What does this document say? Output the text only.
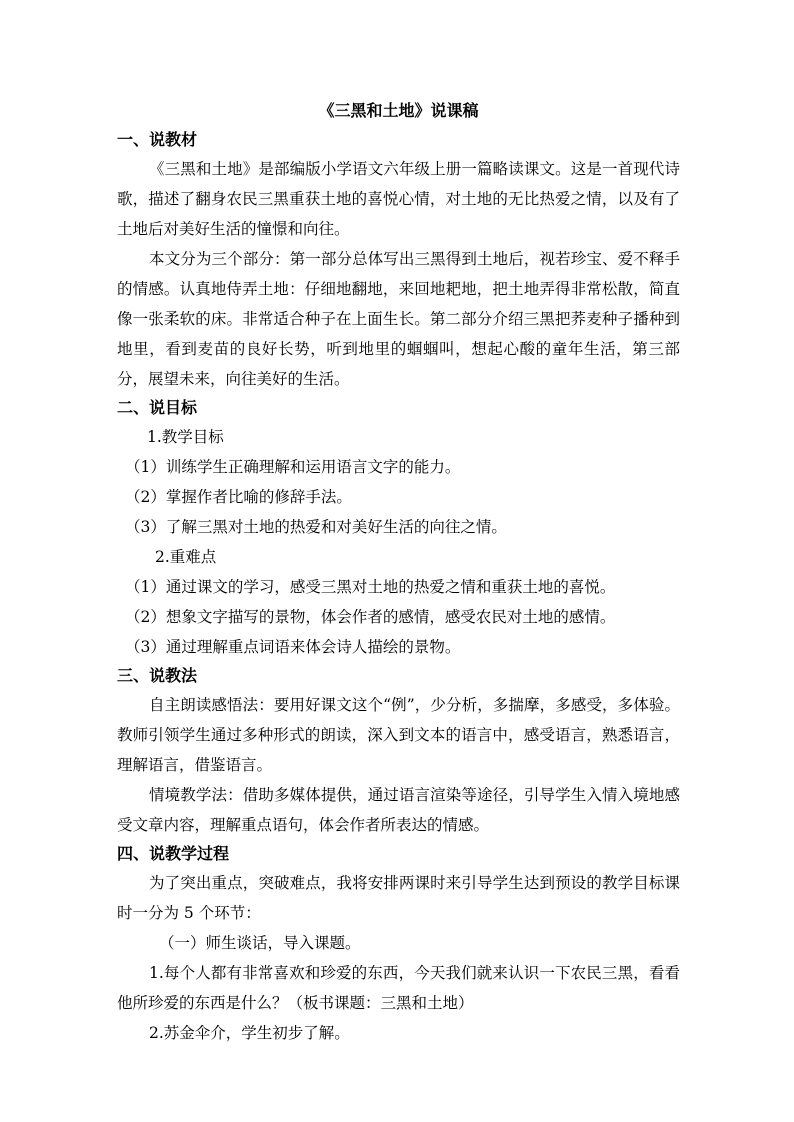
《三黑和土地》说课稿

一、说教材

《三黑和土地》是部编版小学语文六年级上册一篇略读课文。这是一首现代诗歌，描述了翻身农民三黑重获土地的喜悦心情，对土地的无比热爱之情，以及有了土地后对美好生活的憧憬和向往。

本文分为三个部分：第一部分总体写出三黑得到土地后，视若珍宝、爱不释手的情感。认真地侍弄土地：仔细地翻地，来回地耙地，把土地弄得非常松散，简直像一张柔软的床。非常适合种子在上面生长。第二部分介绍三黑把荞麦种子播种到地里，看到麦苗的良好长势，听到地里的蝈蝈叫，想起心酸的童年生活，第三部分，展望未来，向往美好的生活。

二、说目标

1.教学目标

（1）训练学生正确理解和运用语言文字的能力。

（2）掌握作者比喻的修辞手法。

（3）了解三黑对土地的热爱和对美好生活的向往之情。

2.重难点

（1）通过课文的学习，感受三黑对土地的热爱之情和重获土地的喜悦。

（2）想象文字描写的景物，体会作者的感情，感受农民对土地的感情。

（3）通过理解重点词语来体会诗人描绘的景物。

三、说教法

自主朗读感悟法：要用好课文这个“例”，少分析，多揣摩，多感受，多体验。教师引领学生通过多种形式的朗读，深入到文本的语言中，感受语言，熟悉语言，理解语言，借鉴语言。

情境教学法：借助多媒体提供，通过语言渲染等途径，引导学生入情入境地感受文章内容，理解重点语句，体会作者所表达的情感。

四、说教学过程

为了突出重点，突破难点，我将安排两课时来引导学生达到预设的教学目标课时一分为 5 个环节：

（一）师生谈话，导入课题。

1.每个人都有非常喜欢和珍爱的东西，今天我们就来认识一下农民三黑，看看他所珍爱的东西是什么？（板书课题：三黑和土地）

2.苏金伞介，学生初步了解。
